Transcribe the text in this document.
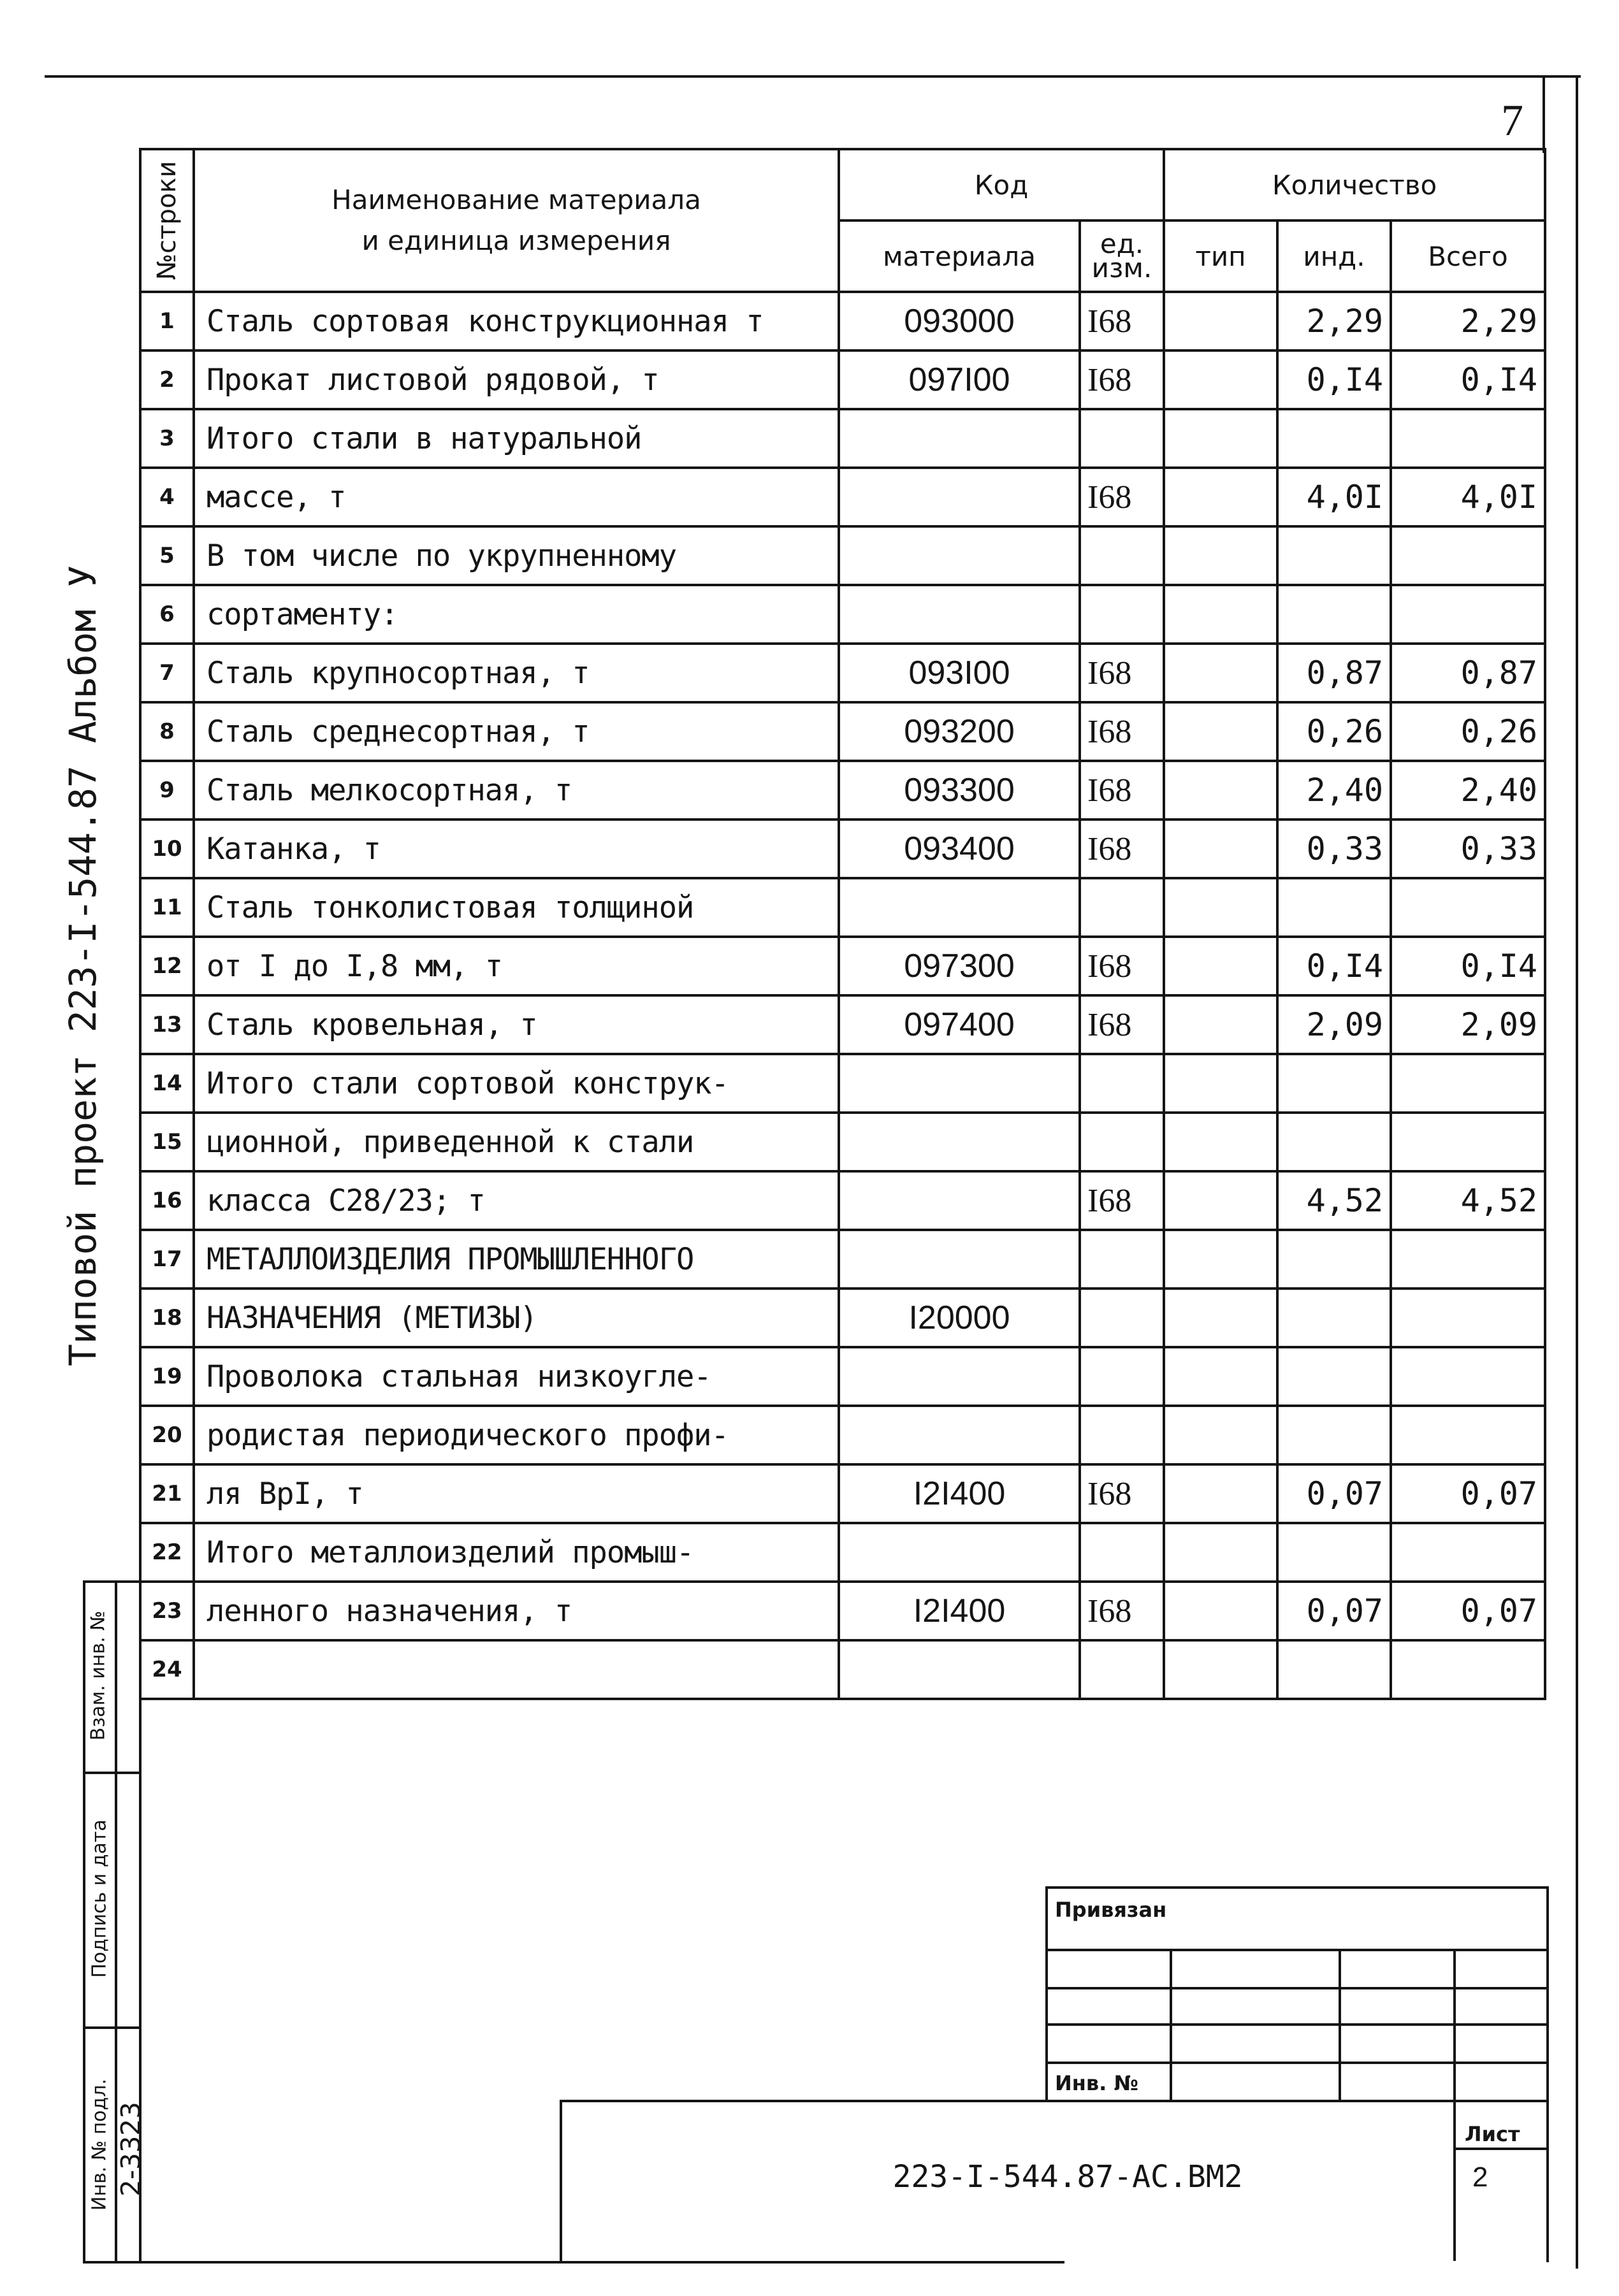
7
№строки	Наименование материала
и единица измерения	Код		Количество		
		материала	ед. изм.	тип	инд.	Всего
1	Сталь сортовая конструкционная т	093000	I68		2,29	2,29
2	Прокат листовой рядовой, т	097I00	I68		0,I4	0,I4
3	Итого стали в натуральной					
4	массе, т		I68		4,0I	4,0I
5	В том числе по укрупненному					
6	сортаменту:					
7	Сталь крупносортная, т	093I00	I68		0,87	0,87
8	Сталь среднесортная, т	093200	I68		0,26	0,26
9	Сталь мелкосортная, т	093300	I68		2,40	2,40
10	Катанка, т	093400	I68		0,33	0,33
11	Сталь тонколистовая толщиной					
12	от I до I,8 мм, т	097300	I68		0,I4	0,I4
13	Сталь кровельная, т	097400	I68		2,09	2,09
14	Итого стали сортовой конструк-					
15	ционной, приведенной к стали					
16	класса С28/23; т		I68		4,52	4,52
17	МЕТАЛЛОИЗДЕЛИЯ ПРОМЫШЛЕННОГО					
18	НАЗНАЧЕНИЯ (МЕТИЗЫ)	I20000				
19	Проволока стальная низкоугле-					
20	родистая периодического профи-					
21	ля BpI, т	I2I400	I68		0,07	0,07
22	Итого металлоизделий промыш-					
23	ленного назначения, т	I2I400	I68		0,07	0,07
24						
Типовой проект 223-I-544.87 Альбом У
Взам. инв. №
Подпись и дата
Инв. № подл. 2-3323
Привязан
Инв. №
Лист
223-I-544.87-АС.ВМ2	2
